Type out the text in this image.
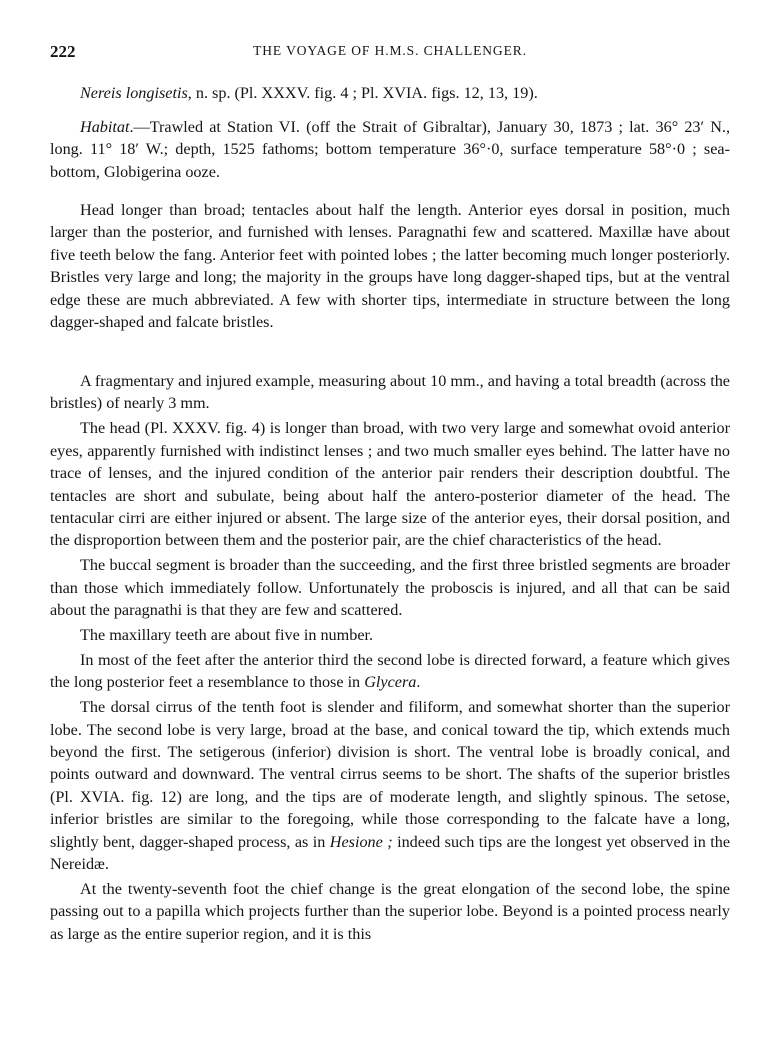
222	THE VOYAGE OF H.M.S. CHALLENGER.

Nereis longisetis, n. sp. (Pl. XXXV. fig. 4 ; Pl. XVIA. figs. 12, 13, 19).

Habitat.—Trawled at Station VI. (off the Strait of Gibraltar), January 30, 1873 ; lat. 36° 23′ N., long. 11° 18′ W.; depth, 1525 fathoms; bottom temperature 36°·0, surface temperature 58°·0 ; sea-bottom, Globigerina ooze.

Head longer than broad; tentacles about half the length. Anterior eyes dorsal in position, much larger than the posterior, and furnished with lenses. Paragnathi few and scattered. Maxillæ have about five teeth below the fang. Anterior feet with pointed lobes ; the latter becoming much longer posteriorly. Bristles very large and long; the majority in the groups have long dagger-shaped tips, but at the ventral edge these are much abbreviated. A few with shorter tips, intermediate in structure between the long dagger-shaped and falcate bristles.

A fragmentary and injured example, measuring about 10 mm., and having a total breadth (across the bristles) of nearly 3 mm.

The head (Pl. XXXV. fig. 4) is longer than broad, with two very large and somewhat ovoid anterior eyes, apparently furnished with indistinct lenses ; and two much smaller eyes behind. The latter have no trace of lenses, and the injured condition of the anterior pair renders their description doubtful. The tentacles are short and subulate, being about half the antero-posterior diameter of the head. The tentacular cirri are either injured or absent. The large size of the anterior eyes, their dorsal position, and the disproportion between them and the posterior pair, are the chief characteristics of the head.

The buccal segment is broader than the succeeding, and the first three bristled segments are broader than those which immediately follow. Unfortunately the proboscis is injured, and all that can be said about the paragnathi is that they are few and scattered.

The maxillary teeth are about five in number.

In most of the feet after the anterior third the second lobe is directed forward, a feature which gives the long posterior feet a resemblance to those in Glycera.

The dorsal cirrus of the tenth foot is slender and filiform, and somewhat shorter than the superior lobe. The second lobe is very large, broad at the base, and conical toward the tip, which extends much beyond the first. The setigerous (inferior) division is short. The ventral lobe is broadly conical, and points outward and downward. The ventral cirrus seems to be short. The shafts of the superior bristles (Pl. XVIA. fig. 12) are long, and the tips are of moderate length, and slightly spinous. The setose, inferior bristles are similar to the foregoing, while those corresponding to the falcate have a long, slightly bent, dagger-shaped process, as in Hesione ; indeed such tips are the longest yet observed in the Nereidæ.

At the twenty-seventh foot the chief change is the great elongation of the second lobe, the spine passing out to a papilla which projects further than the superior lobe. Beyond is a pointed process nearly as large as the entire superior region, and it is this
